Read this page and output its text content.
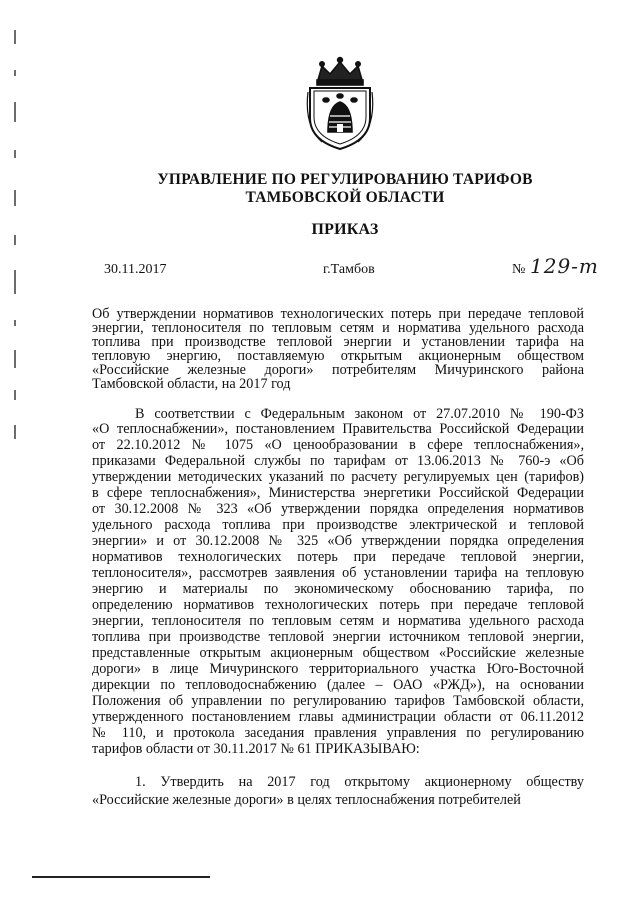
УПРАВЛЕНИЕ ПО РЕГУЛИРОВАНИЮ ТАРИФОВ
ТАМБОВСКОЙ ОБЛАСТИ
ПРИКАЗ
30.11.2017	г.Тамбов	№ 129-т
Об утверждении нормативов технологических потерь при передаче тепловой
энергии, теплоносителя по тепловым сетям и норматива удельного расхода
топлива при производстве тепловой энергии и установлении тарифа на
тепловую энергию, поставляемую открытым акционерным обществом
«Российские железные дороги» потребителям Мичуринского района
Тамбовской области, на 2017 год
В соответствии с Федеральным законом от 27.07.2010 № 190-ФЗ
«О теплоснабжении», постановлением Правительства Российской Федерации
от 22.10.2012 № 1075 «О ценообразовании в сфере теплоснабжения»,
приказами Федеральной службы по тарифам от 13.06.2013 № 760-э «Об
утверждении методических указаний по расчету регулируемых цен (тарифов)
в сфере теплоснабжения», Министерства энергетики Российской Федерации
от 30.12.2008 № 323 «Об утверждении порядка определения нормативов
удельного расхода топлива при производстве электрической и тепловой
энергии» и от 30.12.2008 № 325 «Об утверждении порядка определения
нормативов технологических потерь при передаче тепловой энергии,
теплоносителя», рассмотрев заявления об установлении тарифа на тепловую
энергию и материалы по экономическому обоснованию тарифа, по
определению нормативов технологических потерь при передаче тепловой
энергии, теплоносителя по тепловым сетям и норматива удельного расхода
топлива при производстве тепловой энергии источником тепловой энергии,
представленные открытым акционерным обществом «Российские железные
дороги» в лице Мичуринского территориального участка Юго-Восточной
дирекции по тепловодоснабжению (далее – ОАО «РЖД»), на основании
Положения об управлении по регулированию тарифов Тамбовской области,
утвержденного постановлением главы администрации области от 06.11.2012
№ 110, и протокола заседания правления управления по регулированию
тарифов области от 30.11.2017 № 61 ПРИКАЗЫВАЮ:
1. Утвердить на 2017 год открытому акционерному обществу
«Российские железные дороги» в целях теплоснабжения потребителей
